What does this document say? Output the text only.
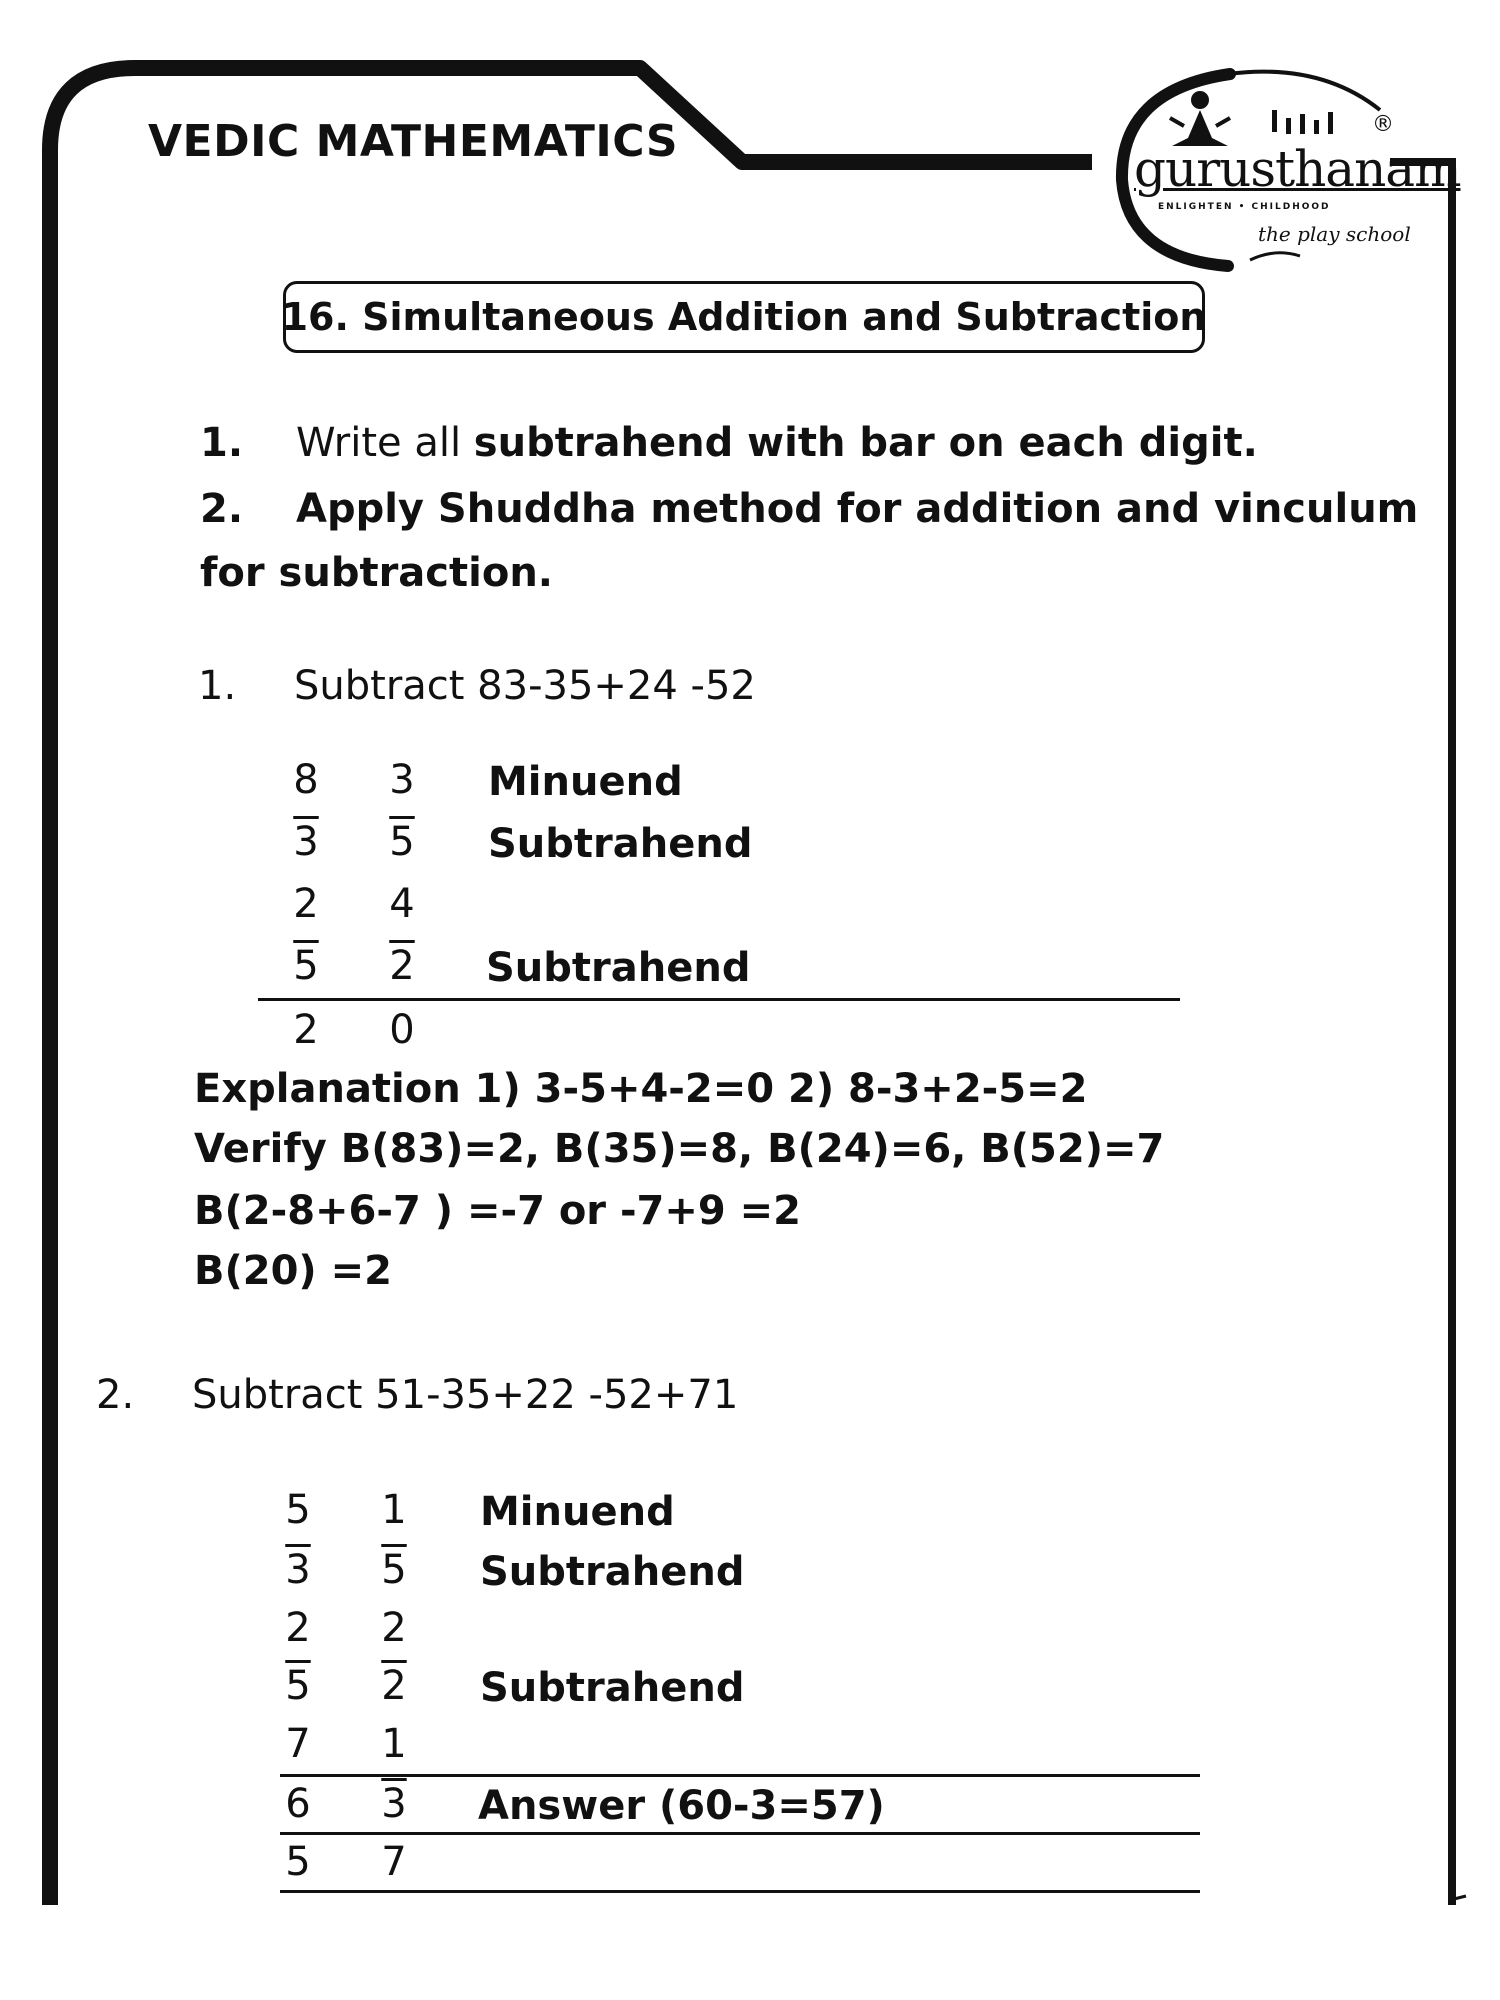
VEDIC MATHEMATICS	gurusthanam
ENLIGHTEN • CHILDHOOD
the play school
®
16. Simultaneous Addition and Subtraction
1. Write all subtrahend with bar on each digit.
2. Apply Shuddha method for addition and vinculum
for subtraction.
1. Subtract 83-35+24 -52
8 3 Minuend
3 5 Subtrahend
2 4
5 2 Subtrahend
2 0
Explanation 1) 3-5+4-2=0 2) 8-3+2-5=2
Verify B(83)=2, B(35)=8, B(24)=6, B(52)=7
B(2-8+6-7 ) =-7 or -7+9 =2
B(20) =2
2. Subtract 51-35+22 -52+71
5 1 Minuend
3 5 Subtrahend
2 2
5 2 Subtrahend
7 1
6 3 Answer (60-3=57)
5 7
